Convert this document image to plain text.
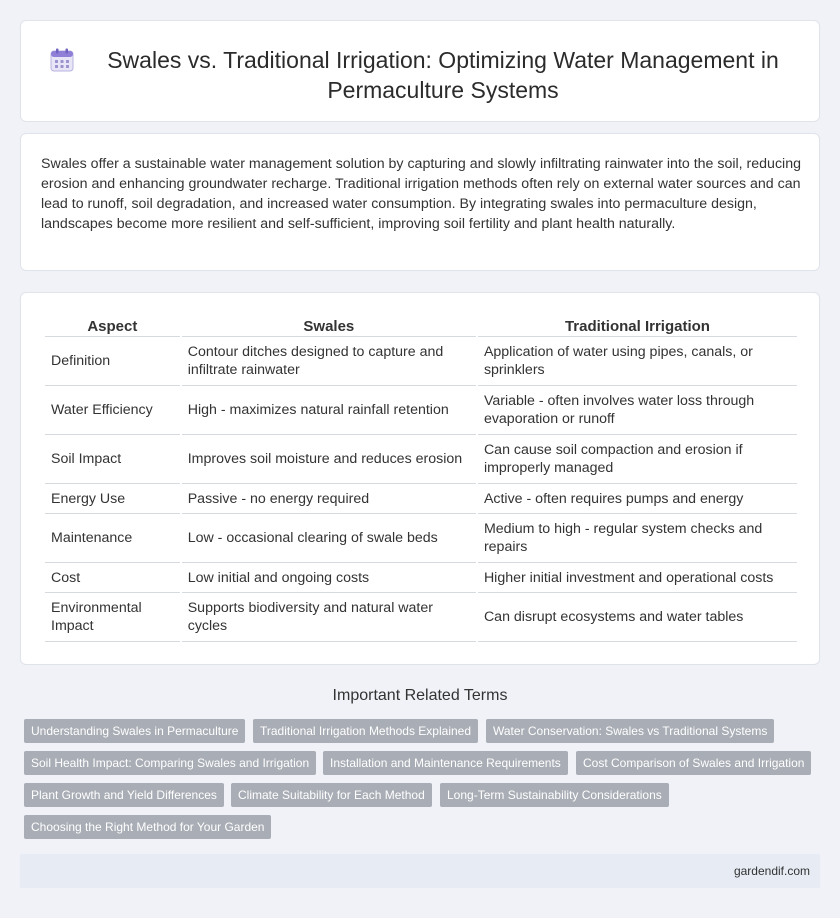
Swales vs. Traditional Irrigation: Optimizing Water Management in Permaculture Systems

Swales offer a sustainable water management solution by capturing and slowly infiltrating rainwater into the soil, reducing erosion and enhancing groundwater recharge. Traditional irrigation methods often rely on external water sources and can lead to runoff, soil degradation, and increased water consumption. By integrating swales into permaculture design, landscapes become more resilient and self-sufficient, improving soil fertility and plant health naturally.

Aspect	Swales	Traditional Irrigation
Definition	Contour ditches designed to capture and infiltrate rainwater	Application of water using pipes, canals, or sprinklers
Water Efficiency	High - maximizes natural rainfall retention	Variable - often involves water loss through evaporation or runoff
Soil Impact	Improves soil moisture and reduces erosion	Can cause soil compaction and erosion if improperly managed
Energy Use	Passive - no energy required	Active - often requires pumps and energy
Maintenance	Low - occasional clearing of swale beds	Medium to high - regular system checks and repairs
Cost	Low initial and ongoing costs	Higher initial investment and operational costs
Environmental Impact	Supports biodiversity and natural water cycles	Can disrupt ecosystems and water tables
Important Related Terms
Understanding Swales in Permaculture	Traditional Irrigation Methods Explained	Water Conservation: Swales vs Traditional Systems
Soil Health Impact: Comparing Swales and Irrigation	Installation and Maintenance Requirements	Cost Comparison of Swales and Irrigation
Plant Growth and Yield Differences	Climate Suitability for Each Method	Long-Term Sustainability Considerations
Choosing the Right Method for Your Garden
gardendif.com
